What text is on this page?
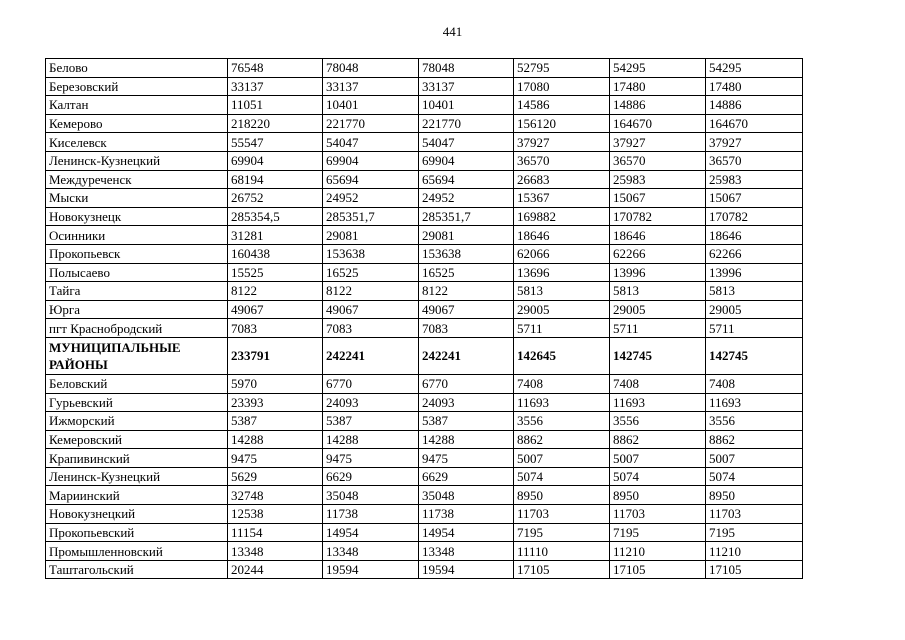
441
Белово	76548	78048	78048	52795	54295	54295
Березовский	33137	33137	33137	17080	17480	17480
Калтан	11051	10401	10401	14586	14886	14886
Кемерово	218220	221770	221770	156120	164670	164670
Киселевск	55547	54047	54047	37927	37927	37927
Ленинск-Кузнецкий	69904	69904	69904	36570	36570	36570
Междуреченск	68194	65694	65694	26683	25983	25983
Мыски	26752	24952	24952	15367	15067	15067
Новокузнецк	285354,5	285351,7	285351,7	169882	170782	170782
Осинники	31281	29081	29081	18646	18646	18646
Прокопьевск	160438	153638	153638	62066	62266	62266
Полысаево	15525	16525	16525	13696	13996	13996
Тайга	8122	8122	8122	5813	5813	5813
Юрга	49067	49067	49067	29005	29005	29005
пгт Краснобродский	7083	7083	7083	5711	5711	5711
МУНИЦИПАЛЬНЫЕ РАЙОНЫ	233791	242241	242241	142645	142745	142745
Беловский	5970	6770	6770	7408	7408	7408
Гурьевский	23393	24093	24093	11693	11693	11693
Ижморский	5387	5387	5387	3556	3556	3556
Кемеровский	14288	14288	14288	8862	8862	8862
Крапивинский	9475	9475	9475	5007	5007	5007
Ленинск-Кузнецкий	5629	6629	6629	5074	5074	5074
Мариинский	32748	35048	35048	8950	8950	8950
Новокузнецкий	12538	11738	11738	11703	11703	11703
Прокопьевский	11154	14954	14954	7195	7195	7195
Промышленновский	13348	13348	13348	11110	11210	11210
Таштагольский	20244	19594	19594	17105	17105	17105
